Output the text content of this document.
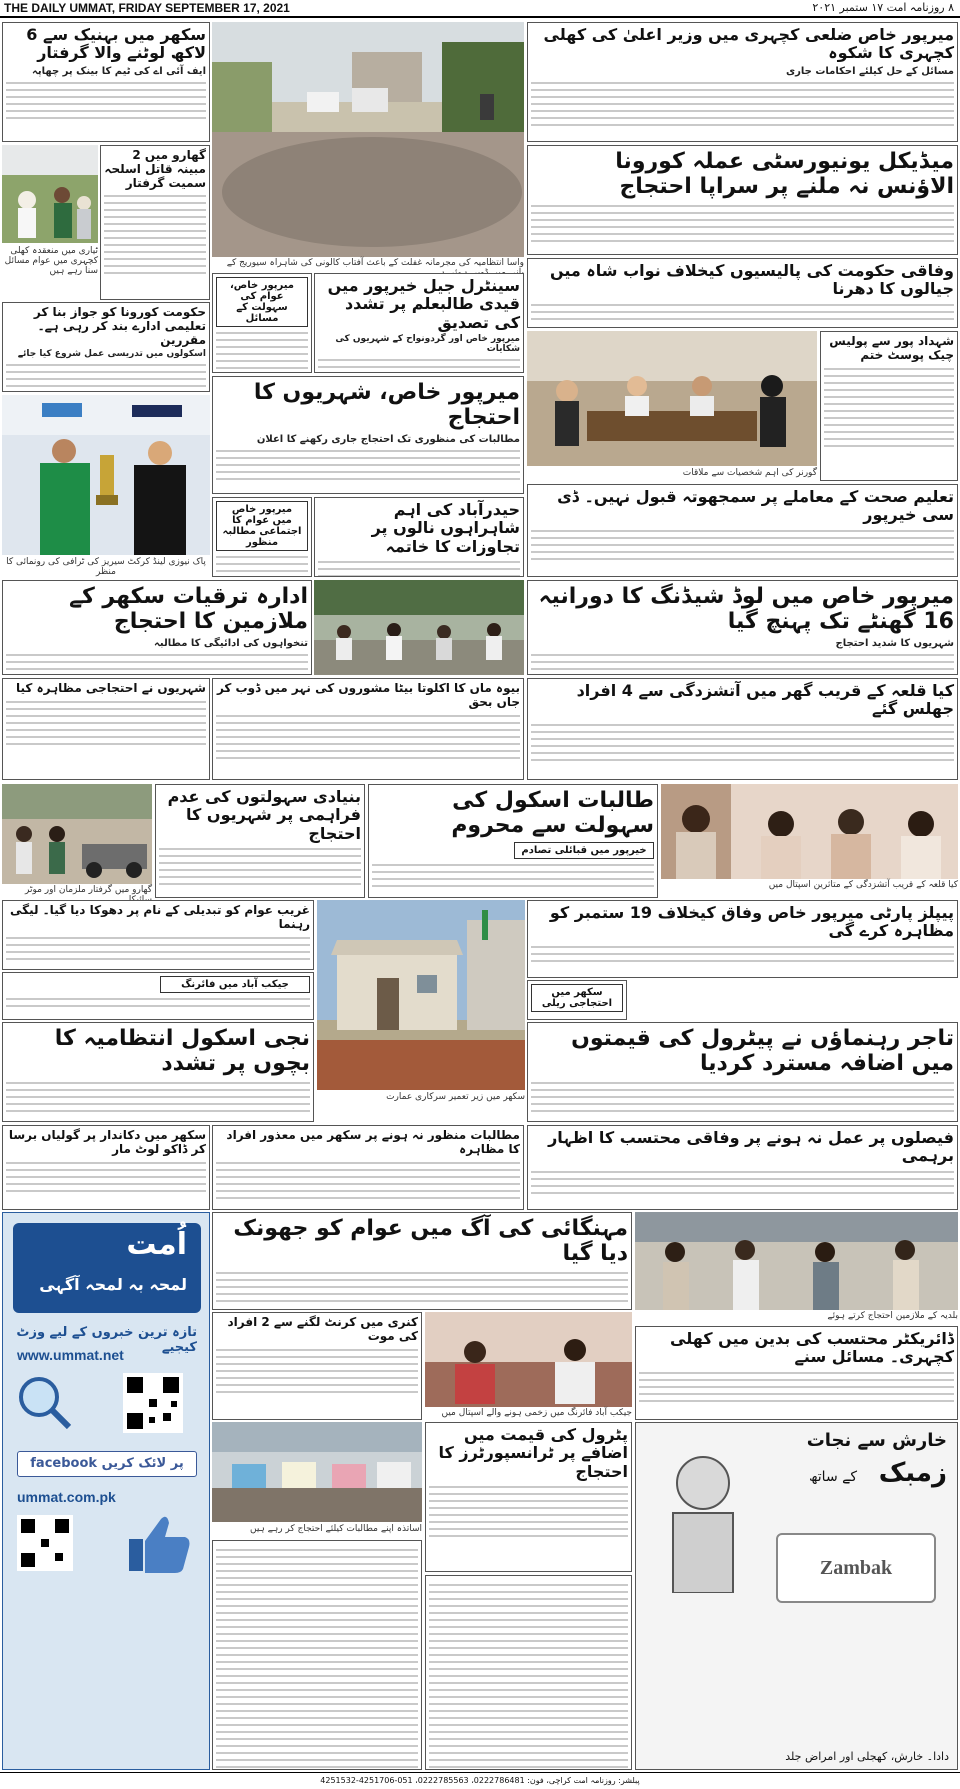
THE DAILY UMMAT, FRIDAY SEPTEMBER 17, 2021	۸ روزنامہ امت ۱۷ ستمبر ۲۰۲۱
سکھر میں بہنیک سے 6 لاکھ لوٹنے والا گرفتار
ایف آئی اے کی ٹیم کا بینک پر چھاپہ
گھارو میں 2 مبینہ قاتل اسلحہ سمیت گرفتار
ٹیاری میں منعقدہ کھلی کچہری میں عوام مسائل سنا رہے ہیں
حکومت کورونا کو جواز بنا کر تعلیمی ادارے بند کر رہی ہے۔ مقررین
اسکولوں میں تدریسی عمل شروع کیا جائے
پاک نیوزی لینڈ کرکٹ سیریز کی ٹرافی کی رونمائی کا منظر
واسا انتظامیہ کی مجرمانہ غفلت کے باعث آفتاب کالونی کی شاہراہ سیوریج کے
میرپور خاص، عوام کی سہولت کے مسائل
سینٹرل جیل خیرپور میں قیدی طالبعلم پر تشدد کی تصدیق
میرپور خاص اور گردونواح کے شہریوں کی شکایات
میرپور خاص، شہریوں کا احتجاج
مطالبات کی منظوری تک احتجاج جاری رکھنے کا اعلان
میرپور خاص میں عوام کا اجتماعی مطالبہ منظور
حیدرآباد کی اہم شاہراہوں نالوں پر تجاوزات کا خاتمہ
میرپور خاص ضلعی کچہری میں وزیر اعلیٰ کی کھلی کچہری کا شکوہ
مسائل کے حل کیلئے احکامات جاری
میڈیکل یونیورسٹی عملہ کورونا الاؤنس نہ ملنے پر سراپا احتجاج
وفاقی حکومت کی پالیسیوں کیخلاف نواب شاہ میں جیالوں کا دھرنا
گورنر کی اہم شخصیات سے ملاقات
شہداد پور سے پولیس چیک پوسٹ ختم
تعلیم صحت کے معاملے پر سمجھوتہ قبول نہیں۔ ڈی سی خیرپور
ادارہ ترقیات سکھر کے ملازمین کا احتجاج
تنخواہوں کی ادائیگی کا مطالبہ
شہریوں نے احتجاجی مظاہرہ کیا بیوہ ماں کا اکلوتا بیٹا مشوروں کی نہر میں ڈوب کر جاں بحق
میرپور خاص میں لوڈ شیڈنگ کا دورانیہ 16 گھنٹے تک پہنچ گیا
شہریوں کا شدید احتجاج
کیا قلعہ کے قریب گھر میں آتشزدگی سے 4 افراد جھلس گئے
گھارو میں گرفتار ملزمان اور موٹر
بنیادی سہولتوں کی عدم فراہمی پر شہریوں کا احتجاج
طالبات اسکول کی سہولت سے محروم
خیرپور میں قبائلی تصادم
کیا قلعہ کے قریب آتشزدگی کے متاثرین اسپتال میں
غریب عوام کو تبدیلی کے نام پر دھوکا دیا گیا۔ لیگی رہنما
جیکب آباد میں فائرنگ
سکھر میں زیر تعمیر سرکاری عمارت
پیپلز پارٹی میرپور خاص وفاق کیخلاف 19 ستمبر کو مظاہرہ کرے گی
سکھر میں احتجاجی ریلی
نجی اسکول انتظامیہ کا بچوں پر تشدد
تاجر رہنماؤں نے پیٹرول کی قیمتوں میں اضافہ مسترد کردیا
سکھر میں دکاندار پر گولیاں برسا کر ڈاکو لوٹ مار
مطالبات منظور نہ ہونے پر سکھر میں معذور افراد کا مظاہرہ
فیصلوں پر عمل نہ ہونے پر وفاقی محتسب کا اظہار برہمی
مہنگائی کی آگ میں عوام کو جھونک دیا گیا
بلدیہ کے ملازمین احتجاج کرتے ہوئے
کنری میں کرنٹ لگنے سے 2 افراد کی موت
جیکب آباد فائرنگ میں زخمی ہونے والے اسپتال میں
ڈائریکٹر محتسب کی بدین میں کھلی کچہری۔ مسائل سنے
اساتذہ اپنے مطالبات کیلئے احتجاج کر رہے ہیں
پٹرول کی قیمت میں اضافے پر ٹرانسپورٹرز کا احتجاج
اُمت
لمحہ بہ لمحہ آگہی
تازہ ترین خبروں کے لیے وزٹ کیجیے
www.ummat.net
پر لائک کریں facebook
ummat.com.pk
خارش سے نجات
زمبک
کے ساتھ
Zambak
دادا۔ خارش، کھجلی اور امراض جلد
پبلشر: روزنامہ امت کراچی، فون: 0222786481، 0222785563، 051-4251706-4251532
